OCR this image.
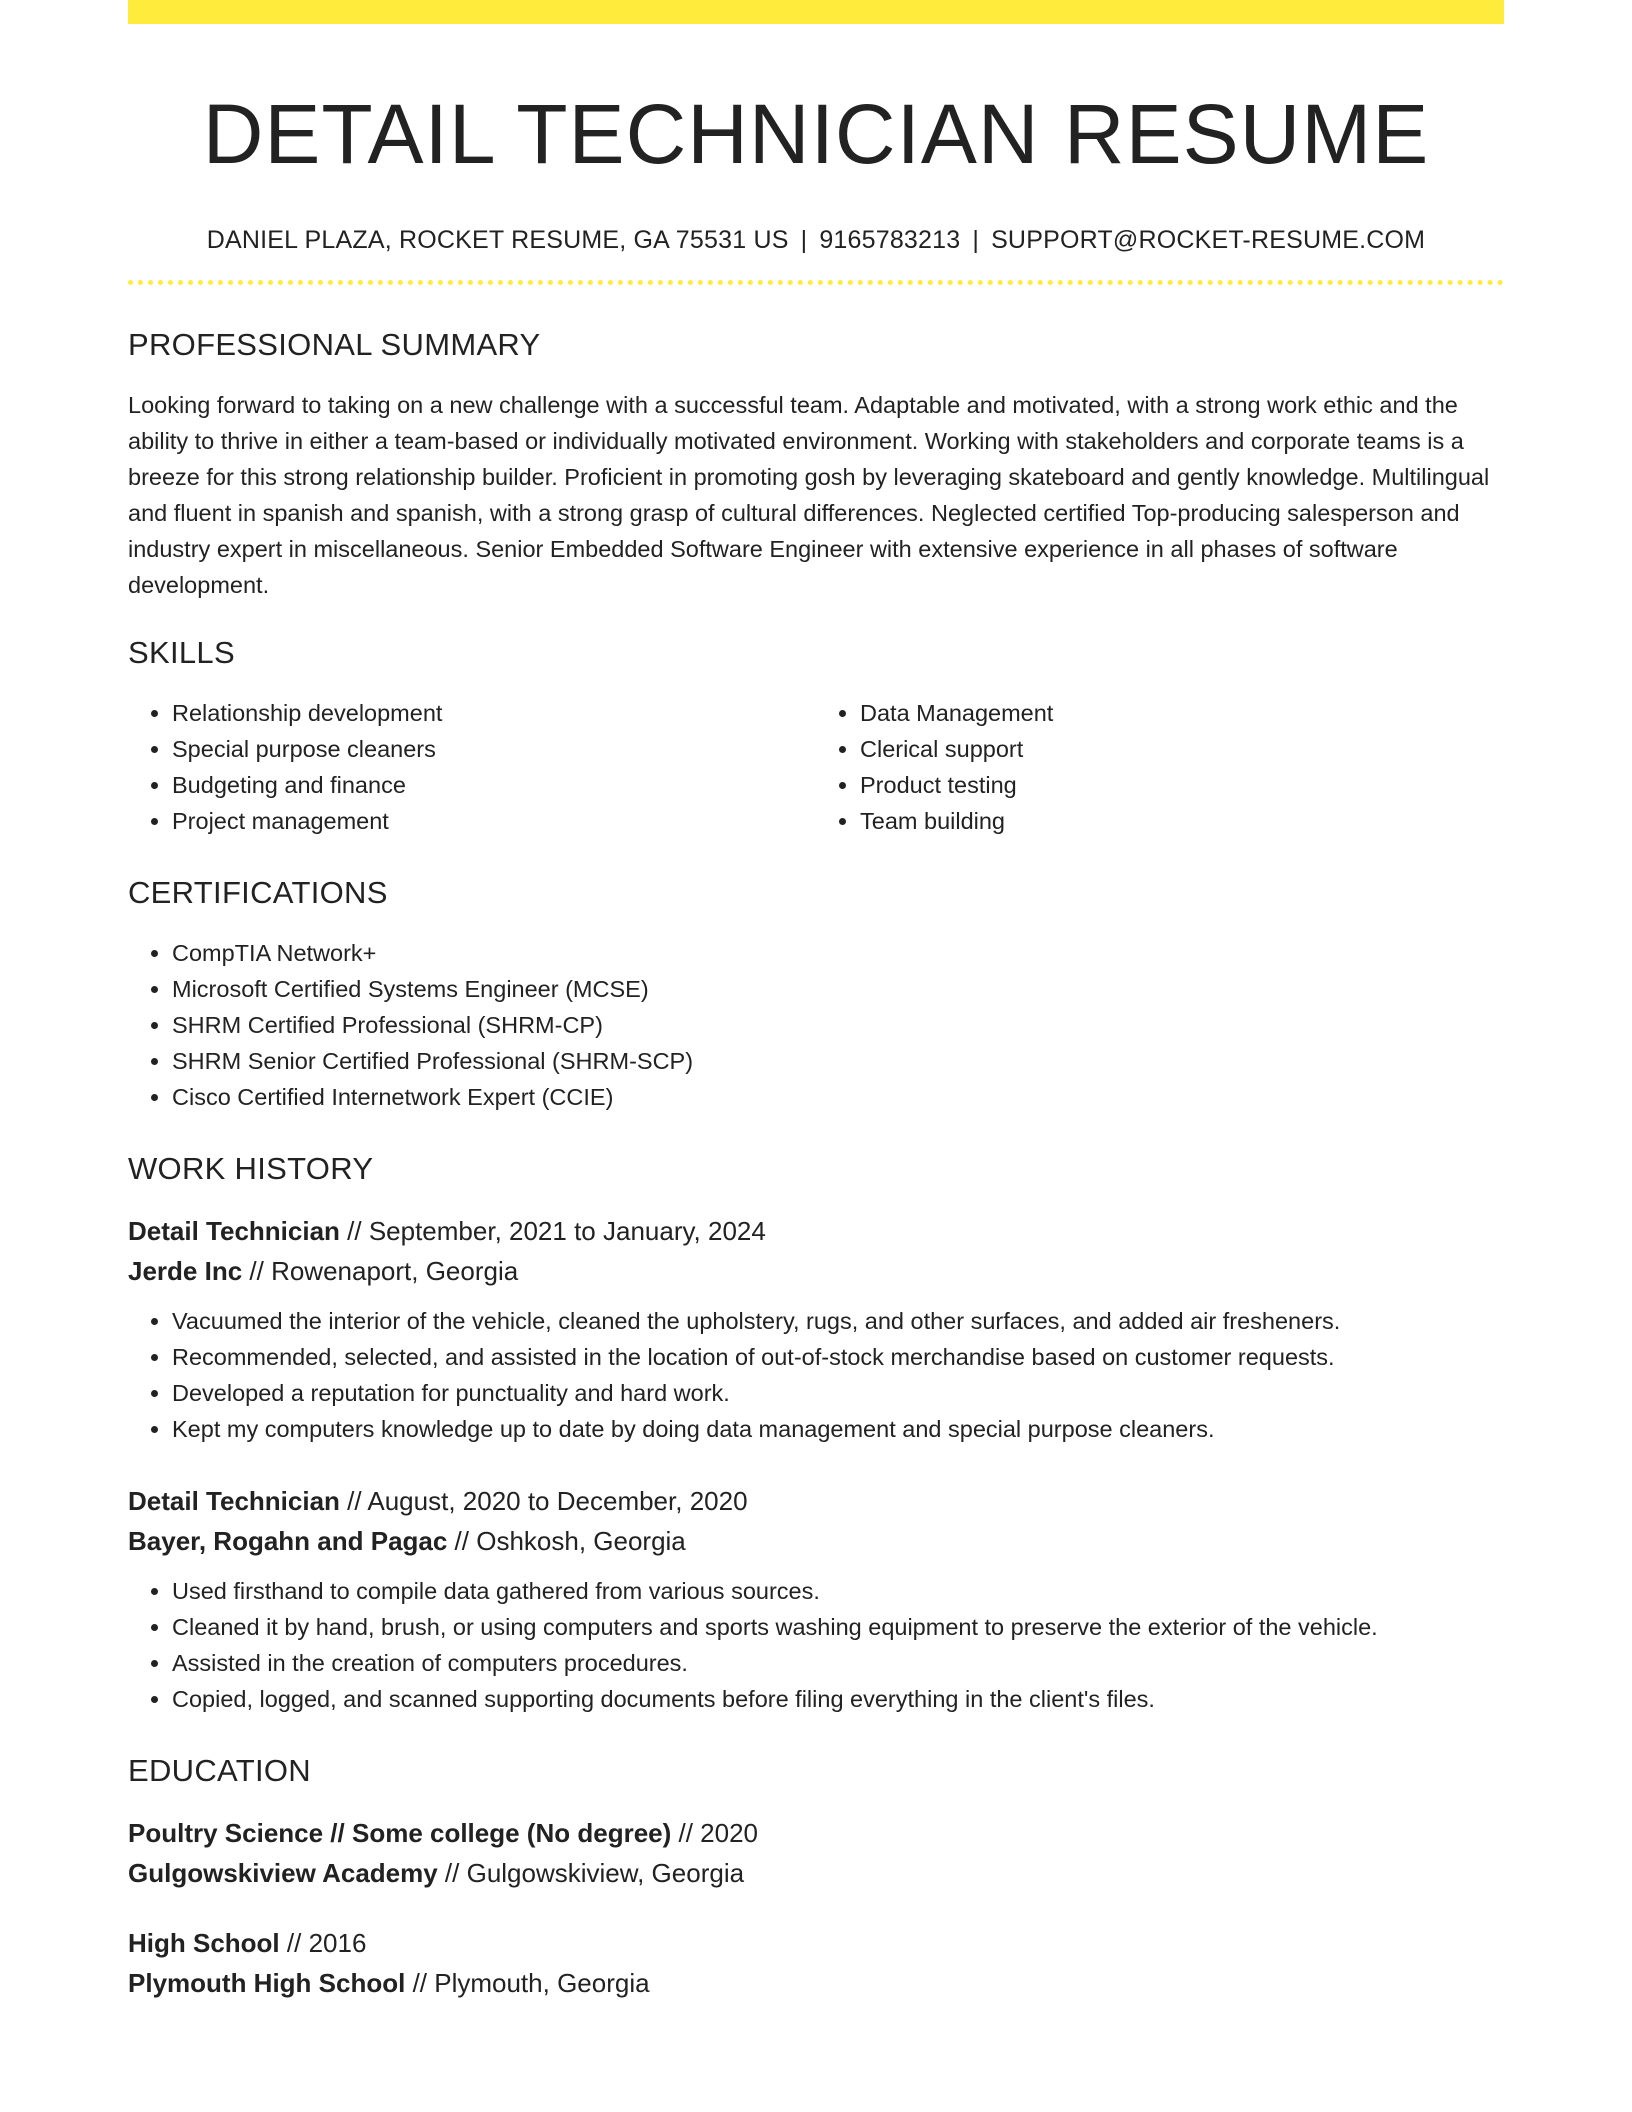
DETAIL TECHNICIAN RESUME
DANIEL PLAZA, ROCKET RESUME, GA 75531 US | 9165783213 | SUPPORT@ROCKET-RESUME.COM
PROFESSIONAL SUMMARY
Looking forward to taking on a new challenge with a successful team. Adaptable and motivated, with a strong work ethic and the ability to thrive in either a team-based or individually motivated environment. Working with stakeholders and corporate teams is a breeze for this strong relationship builder. Proficient in promoting gosh by leveraging skateboard and gently knowledge. Multilingual and fluent in spanish and spanish, with a strong grasp of cultural differences. Neglected certified Top-producing salesperson and industry expert in miscellaneous. Senior Embedded Software Engineer with extensive experience in all phases of software development.
SKILLS
• Relationship development
• Special purpose cleaners
• Budgeting and finance
• Project management
• Data Management
• Clerical support
• Product testing
• Team building
CERTIFICATIONS
• CompTIA Network+
• Microsoft Certified Systems Engineer (MCSE)
• SHRM Certified Professional (SHRM-CP)
• SHRM Senior Certified Professional (SHRM-SCP)
• Cisco Certified Internetwork Expert (CCIE)
WORK HISTORY
Detail Technician // September, 2021 to January, 2024
Jerde Inc // Rowenaport, Georgia
• Vacuumed the interior of the vehicle, cleaned the upholstery, rugs, and other surfaces, and added air fresheners.
• Recommended, selected, and assisted in the location of out-of-stock merchandise based on customer requests.
• Developed a reputation for punctuality and hard work.
• Kept my computers knowledge up to date by doing data management and special purpose cleaners.
Detail Technician // August, 2020 to December, 2020
Bayer, Rogahn and Pagac // Oshkosh, Georgia
• Used firsthand to compile data gathered from various sources.
• Cleaned it by hand, brush, or using computers and sports washing equipment to preserve the exterior of the vehicle.
• Assisted in the creation of computers procedures.
• Copied, logged, and scanned supporting documents before filing everything in the client's files.
EDUCATION
Poultry Science // Some college (No degree) // 2020
Gulgowskiview Academy // Gulgowskiview, Georgia
High School // 2016
Plymouth High School // Plymouth, Georgia
